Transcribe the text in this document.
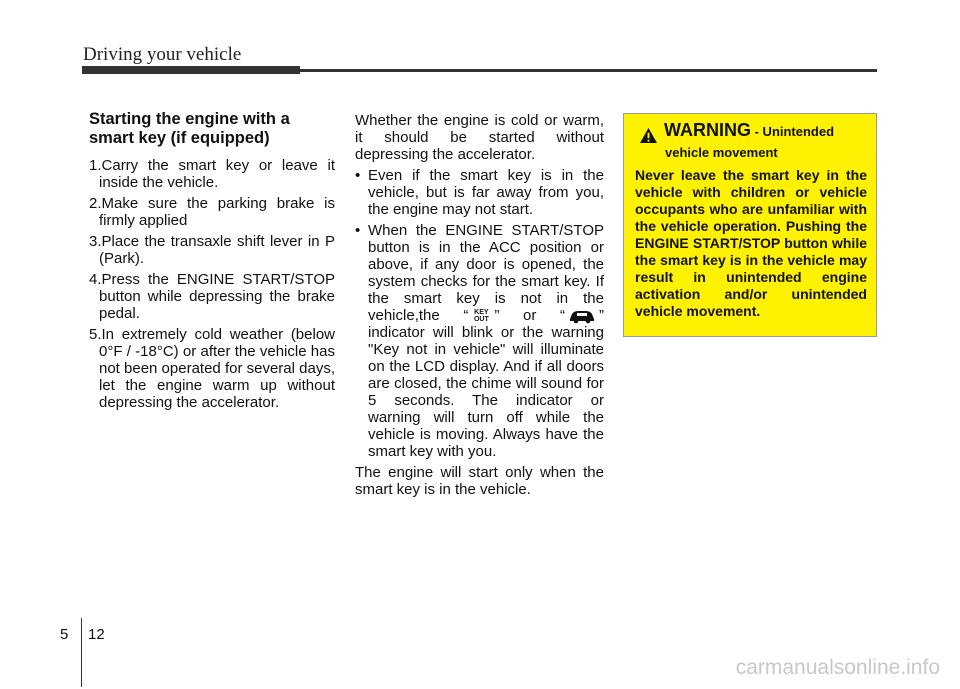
Driving your vehicle
Starting the engine with a smart key (if equipped)
1.Carry the smart key or leave it inside the vehicle.
2.Make sure the parking brake is firmly applied
3.Place the transaxle shift lever in P (Park).
4.Press the ENGINE START/STOP button while depressing the brake pedal.
5.In extremely cold weather (below 0°F / -18°C) or after the vehicle has not been operated for several days, let the engine warm up without depressing the accelerator.

Whether the engine is cold or warm, it should be started without depressing the accelerator.

• Even if the smart key is in the vehicle, but is far away from you, the engine may not start.
• When the ENGINE START/STOP button is in the ACC position or above, if any door is opened, the system checks for the smart key. If the smart key is not in the vehicle,the “ KEY
OUT ” or “ ” indicator will blink or the warning "Key not in vehicle" will illuminate on the LCD display. And if all doors are closed, the chime will sound for 5 seconds. The indicator or warning will turn off while the vehicle is moving. Always have the smart key with you.

The engine will start only when the smart key is in the vehicle.

WARNING - Unintended
vehicle movement
Never leave the smart key in the vehicle with children or vehicle occupants who are unfamiliar with the vehicle operation. Pushing the ENGINE START/STOP button while the smart key is in the vehicle may result in unintended engine activation and/or unintended vehicle movement.
5 12
carmanualsonline.info
